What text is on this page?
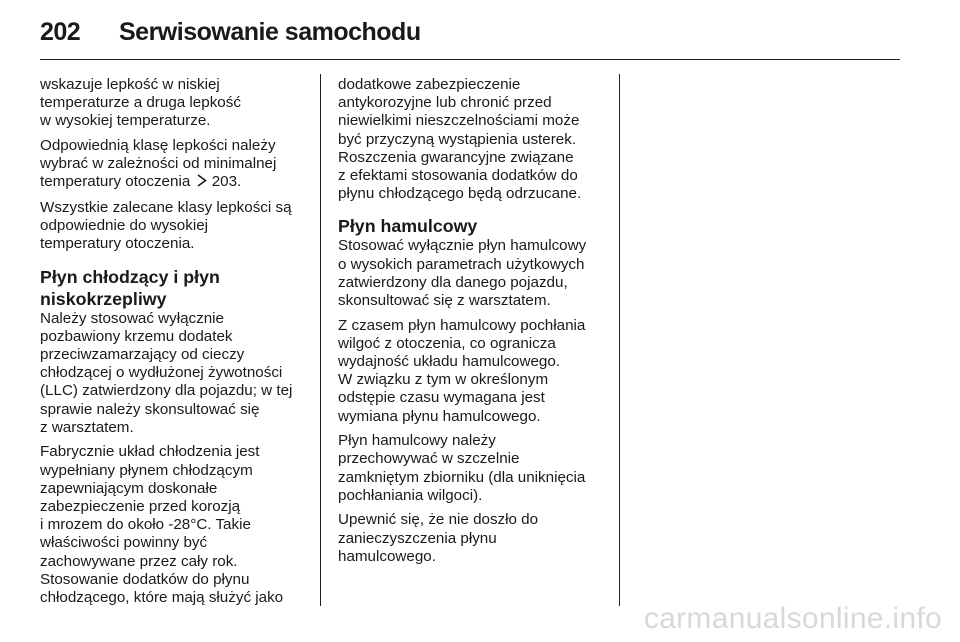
202 Serwisowanie samochodu

wskazuje lepkość w niskiej
temperaturze a druga lepkość
w wysokiej temperaturze.

Odpowiednią klasę lepkości należy
wybrać w zależności od minimalnej
temperatury otoczenia  203.

Wszystkie zalecane klasy lepkości są
odpowiednie do wysokiej
temperatury otoczenia.

Płyn chłodzący i płyn
niskokrzepliwy

Należy stosować wyłącznie
pozbawiony krzemu dodatek
przeciwzamarzający od cieczy
chłodzącej o wydłużonej żywotności
(LLC) zatwierdzony dla pojazdu; w tej
sprawie należy skonsultować się
z warsztatem.

Fabrycznie układ chłodzenia jest
wypełniany płynem chłodzącym
zapewniającym doskonałe
zabezpieczenie przed korozją
i mrozem do około -28°C. Takie
właściwości powinny być
zachowywane przez cały rok.
Stosowanie dodatków do płynu
chłodzącego, które mają służyć jako

dodatkowe zabezpieczenie
antykorozyjne lub chronić przed
niewielkimi nieszczelnościami może
być przyczyną wystąpienia usterek.
Roszczenia gwarancyjne związane
z efektami stosowania dodatków do
płynu chłodzącego będą odrzucane.

Płyn hamulcowy

Stosować wyłącznie płyn hamulcowy
o wysokich parametrach użytkowych
zatwierdzony dla danego pojazdu,
skonsultować się z warsztatem.

Z czasem płyn hamulcowy pochłania
wilgoć z otoczenia, co ogranicza
wydajność układu hamulcowego.
W związku z tym w określonym
odstępie czasu wymagana jest
wymiana płynu hamulcowego.

Płyn hamulcowy należy
przechowywać w szczelnie
zamkniętym zbiorniku (dla uniknięcia
pochłaniania wilgoci).

Upewnić się, że nie doszło do
zanieczyszczenia płynu
hamulcowego.

carmanualsonline.info
